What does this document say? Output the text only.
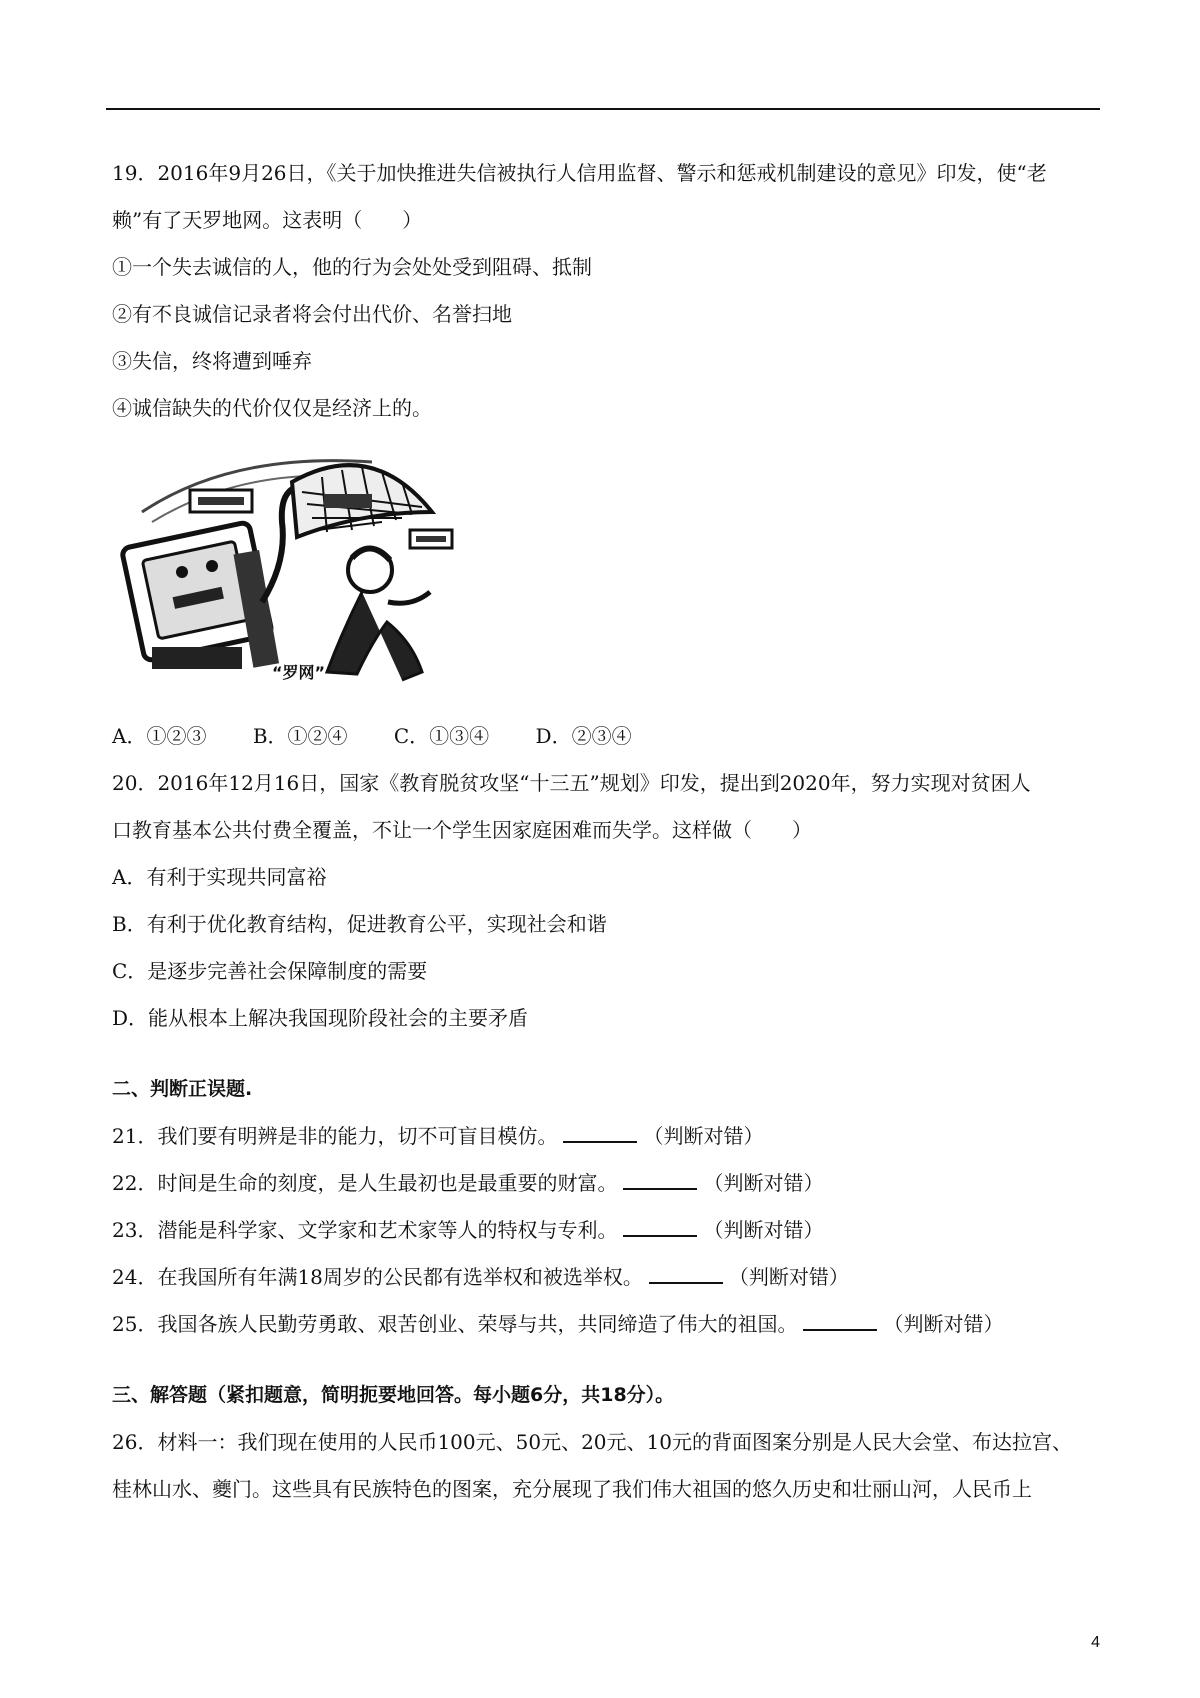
19．2016年9月26日，《关于加快推进失信被执行人信用监督、警示和惩戒机制建设的意见》印发，使“老
赖”有了天罗地网。这表明（　　）
①一个失去诚信的人，他的行为会处处受到阻碍、抵制
②有不良诚信记录者将会付出代价、名誉扫地
③失信，终将遭到唾弃
④诚信缺失的代价仅仅是经济上的。
“罗网”
A．①②③ B．①②④ C．①③④ D．②③④
20．2016年12月16日，国家《教育脱贫攻坚“十三五”规划》印发，提出到2020年，努力实现对贫困人
口教育基本公共付费全覆盖，不让一个学生因家庭困难而失学。这样做（　　）
A．有利于实现共同富裕
B．有利于优化教育结构，促进教育公平，实现社会和谐
C．是逐步完善社会保障制度的需要
D．能从根本上解决我国现阶段社会的主要矛盾
二、判断正误题.
21．我们要有明辨是非的能力，切不可盲目模仿。	（判断对错）
22．时间是生命的刻度，是人生最初也是最重要的财富。	（判断对错）
23．潜能是科学家、文学家和艺术家等人的特权与专利。	（判断对错）
24．在我国所有年满18周岁的公民都有选举权和被选举权。	（判断对错）
25．我国各族人民勤劳勇敢、艰苦创业、荣辱与共，共同缔造了伟大的祖国。	（判断对错）
三、解答题（紧扣题意，简明扼要地回答。每小题6分，共18分）。
26．材料一：我们现在使用的人民币100元、50元、20元、10元的背面图案分别是人民大会堂、布达拉宫、
桂林山水、夔门。这些具有民族特色的图案，充分展现了我们伟大祖国的悠久历史和壮丽山河，人民币上
4
